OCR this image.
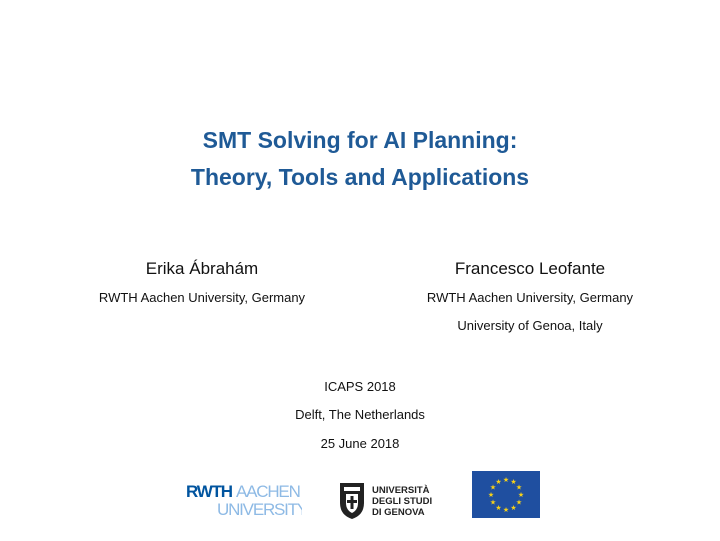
SMT Solving for AI Planning:
Theory, Tools and Applications
Erika Ábrahám
RWTH Aachen University, Germany
Francesco Leofante
RWTH Aachen University, Germany
University of Genoa, Italy
ICAPS 2018
Delft, The Netherlands
25 June 2018
RWTH AACHEN
UNIVERSITY
UNIVERSITÀ
DEGLI STUDI
DI GENOVA
★ ★
★
★
★
★
★
★
★
★
★
★
